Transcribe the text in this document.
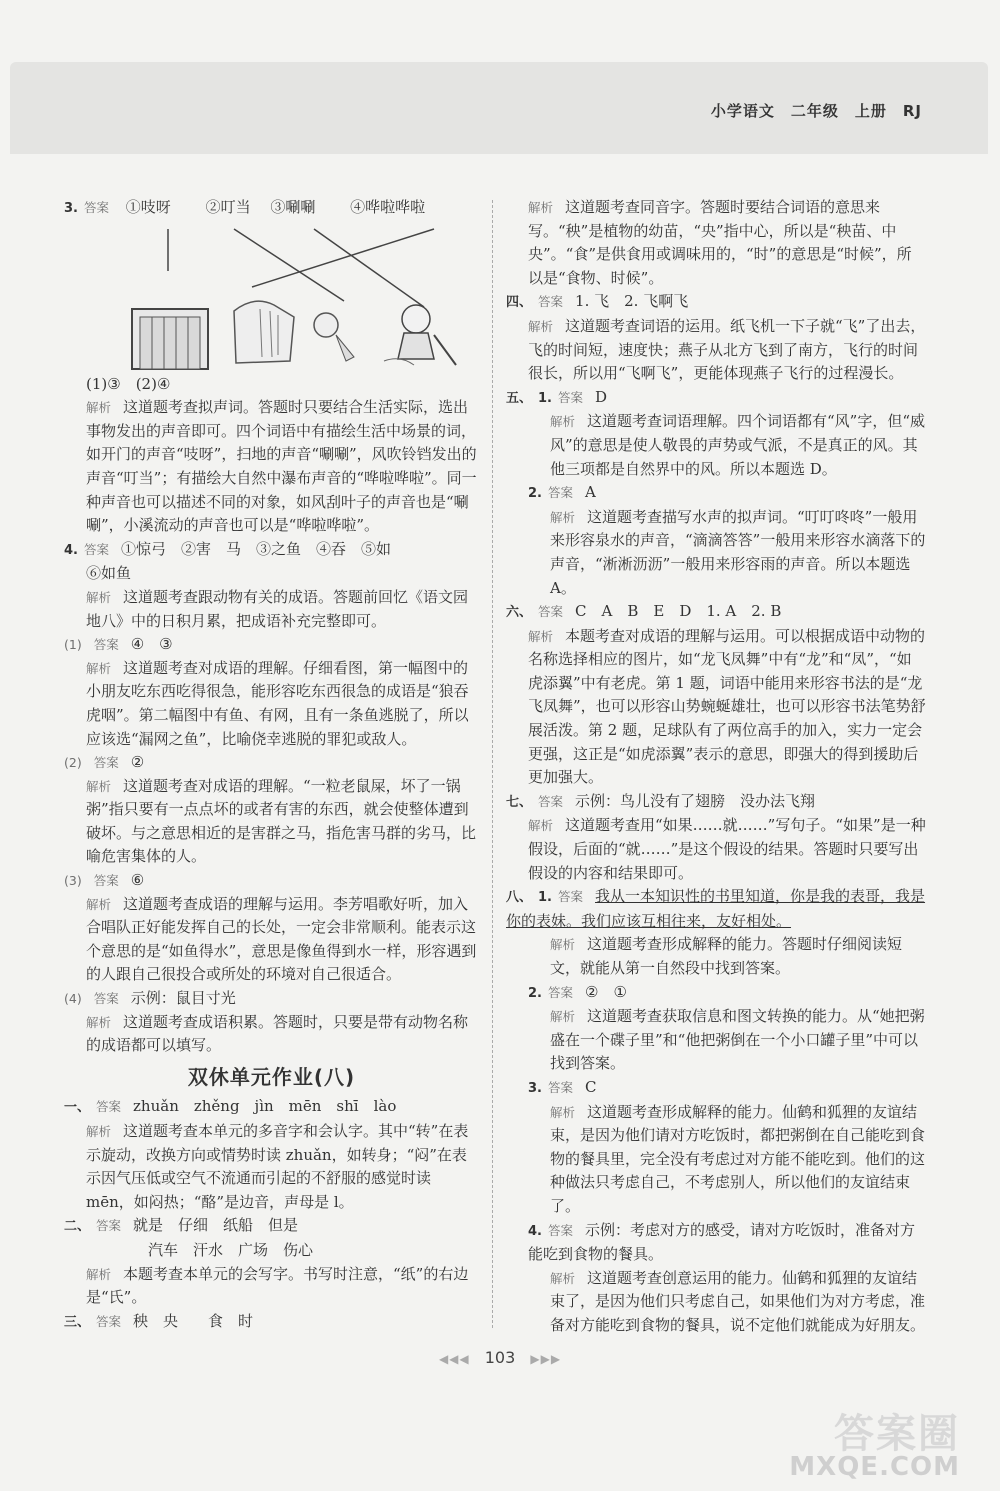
小学语文　二年级　上册　RJ

3. 答案 ①吱呀　　 ②叮当　 ③唰唰　　 ④哗啦哗啦

(1)③　(2)④

解析 这道题考查拟声词。答题时只要结合生活实际，选出事物发出的声音即可。四个词语中有描绘生活中场景的词，如开门的声音“吱呀”，扫地的声音“唰唰”，风吹铃铛发出的声音“叮当”；有描绘大自然中瀑布声音的“哗啦哗啦”。同一种声音也可以描述不同的对象，如风刮叶子的声音也是“唰唰”，小溪流动的声音也可以是“哗啦哗啦”。

4. 答案 ①惊弓　②害　马　③之鱼　④吞　⑤如

⑥如鱼

解析 这道题考查跟动物有关的成语。答题前回忆《语文园地八》中的日积月累，把成语补充完整即可。

(1) 答案 ④　③

解析 这道题考查对成语的理解。仔细看图，第一幅图中的小朋友吃东西吃得很急，能形容吃东西很急的成语是“狼吞虎咽”。第二幅图中有鱼、有网，且有一条鱼逃脱了，所以应该选“漏网之鱼”，比喻侥幸逃脱的罪犯或敌人。

(2) 答案 ②

解析 这道题考查对成语的理解。“一粒老鼠屎，坏了一锅粥”指只要有一点点坏的或者有害的东西，就会使整体遭到破坏。与之意思相近的是害群之马，指危害马群的劣马，比喻危害集体的人。

(3) 答案 ⑥

解析 这道题考查成语的理解与运用。李芳唱歌好听，加入合唱队正好能发挥自己的长处，一定会非常顺利。能表示这个意思的是“如鱼得水”，意思是像鱼得到水一样，形容遇到的人跟自己很投合或所处的环境对自己很适合。

(4) 答案 示例：鼠目寸光

解析 这道题考查成语积累。答题时，只要是带有动物名称的成语都可以填写。

双休单元作业(八)

一、 答案 zhuǎn　zhěng　jìn　mēn　shī　lào

解析 这道题考查本单元的多音字和会认字。其中“转”在表示旋动，改换方向或情势时读 zhuǎn，如转身；“闷”在表示因气压低或空气不流通而引起的不舒服的感觉时读 mēn，如闷热；“酪”是边音，声母是 l。

二、 答案 就是　仔细　纸船　但是

汽车　汗水　广场　伤心

解析 本题考查本单元的会写字。书写时注意，“纸”的右边是“氏”。

三、 答案 秧　央　　食　时

解析 这道题考查同音字。答题时要结合词语的意思来写。“秧”是植物的幼苗，“央”指中心，所以是“秧苗、中央”。“食”是供食用或调味用的，“时”的意思是“时候”，所以是“食物、时候”。

四、 答案 1. 飞　2. 飞啊飞

解析 这道题考查词语的运用。纸飞机一下子就“飞”了出去，飞的时间短，速度快；燕子从北方飞到了南方，飞行的时间很长，所以用“飞啊飞”，更能体现燕子飞行的过程漫长。

五、 1. 答案 D

解析 这道题考查词语理解。四个词语都有“风”字，但“威风”的意思是使人敬畏的声势或气派，不是真正的风。其他三项都是自然界中的风。所以本题选 D。

2. 答案 A

解析 这道题考查描写水声的拟声词。“叮叮咚咚”一般用来形容泉水的声音，“滴滴答答”一般用来形容水滴落下的声音，“淅淅沥沥”一般用来形容雨的声音。所以本题选 A。

六、 答案 C　A　B　E　D　1. A　2. B

解析 本题考查对成语的理解与运用。可以根据成语中动物的名称选择相应的图片，如“龙飞凤舞”中有“龙”和“凤”，“如虎添翼”中有老虎。第 1 题，词语中能用来形容书法的是“龙飞凤舞”，也可以形容山势蜿蜒雄壮，也可以形容书法笔势舒展活泼。第 2 题，足球队有了两位高手的加入，实力一定会更强，这正是“如虎添翼”表示的意思，即强大的得到援助后更加强大。

七、 答案 示例：鸟儿没有了翅膀　没办法飞翔

解析 这道题考查用“如果……就……”写句子。“如果”是一种假设，后面的“就……”是这个假设的结果。答题时只要写出假设的内容和结果即可。

八、 1. 答案 我从一本知识性的书里知道，你是我的表哥，我是你的表妹。我们应该互相往来，友好相处。

解析 这道题考查形成解释的能力。答题时仔细阅读短文，就能从第一自然段中找到答案。

2. 答案 ②　①

解析 这道题考查获取信息和图文转换的能力。从“她把粥盛在一个碟子里”和“他把粥倒在一个小口罐子里”中可以找到答案。

3. 答案 C

解析 这道题考查形成解释的能力。仙鹤和狐狸的友谊结束，是因为他们请对方吃饭时，都把粥倒在自己能吃到食物的餐具里，完全没有考虑过对方能不能吃到。他们的这种做法只考虑自己，不考虑别人，所以他们的友谊结束了。

4. 答案 示例：考虑对方的感受，请对方吃饭时，准备对方能吃到食物的餐具。

解析 这道题考查创意运用的能力。仙鹤和狐狸的友谊结束了，是因为他们只考虑自己，如果他们为对方考虑，准备对方能吃到食物的餐具，说不定他们就能成为好朋友。

◀◀◀ 103 ▶▶▶
答案圈
MXQE.COM
